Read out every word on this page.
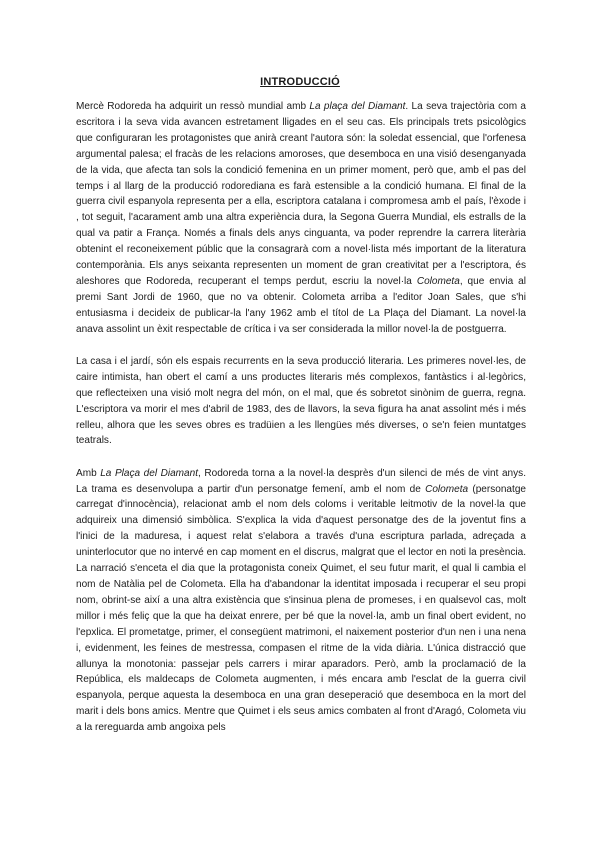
INTRODUCCIÓ

Mercè Rodoreda ha adquirit un ressò mundial amb La plaça del Diamant. La seva trajectòria com a escritora i la seva vida avancen estretament lligades en el seu cas. Els principals trets psicològics que configuraran les protagonistes que anirà creant l'autora són: la soledat essencial, que l'orfenesa argumental palesa; el fracàs de les relacions amoroses, que desemboca en una visió desenganyada de la vida, que afecta tan sols la condició femenina en un primer moment, però que, amb el pas del temps i al llarg de la producció rodorediana es farà estensible a la condició humana. El final de la guerra civil espanyola representa per a ella, escriptora catalana i compromesa amb el país, l'èxode i , tot seguit, l'acarament amb una altra experiència dura, la Segona Guerra Mundial, els estralls de la qual va patir a França. Només a finals dels anys cinguanta, va poder reprendre la carrera literària obtenint el reconeixement públic que la consagrarà com a novel·lista més important de la literatura contemporània. Els anys seixanta representen un moment de gran creativitat per a l'escriptora, és aleshores que Rodoreda, recuperant el temps perdut, escriu la novel·la Colometa, que envia al premi Sant Jordi de 1960, que no va obtenir. Colometa arriba a l'editor Joan Sales, que s'hi entusiasma i decideix de publicar-la l'any 1962 amb el títol de La Plaça del Diamant. La novel·la anava assolint un èxit respectable de crítica i va ser considerada la millor novel·la de postguerra.

La casa i el jardí, són els espais recurrents en la seva producció literaria. Les primeres novel·les, de caire intimista, han obert el camí a uns productes literaris més complexos, fantàstics i al·legòrics, que reflecteixen una visió molt negra del món, on el mal, que és sobretot sinònim de guerra, regna. L'escriptora va morir el mes d'abril de 1983, des de llavors, la seva figura ha anat assolint més i més relleu, alhora que les seves obres es tradüien a les llengües més diverses, o se'n feien muntatges teatrals.

Amb La Plaça del Diamant, Rodoreda torna a la novel·la desprès d'un silenci de més de vint anys. La trama es desenvolupa a partir d'un personatge femení, amb el nom de Colometa (personatge carregat d'innocència), relacionat amb el nom dels coloms i veritable leitmotiv de la novel·la que adquireix una dimensió simbòlica. S'explica la vida d'aquest personatge des de la joventut fins a l'inici de la maduresa, i aquest relat s'elabora a través d'una escriptura parlada, adreçada a uninterlocutor que no intervé en cap moment en el discrus, malgrat que el lector en noti la presència. La narració s'enceta el dia que la protagonista coneix Quimet, el seu futur marit, el qual li cambia el nom de Natàlia pel de Colometa. Ella ha d'abandonar la identitat imposada i recuperar el seu propi nom, obrint-se així a una altra existència que s'insinua plena de promeses, i en qualsevol cas, molt millor i més feliç que la que ha deixat enrere, per bé que la novel·la, amb un final obert evident, no l'epxlica. El prometatge, primer, el consegüent matrimoni, el naixement posterior d'un nen i una nena i, evidenment, les feines de mestressa, compasen el ritme de la vida diària. L'única distracció que allunya la monotonia: passejar pels carrers i mirar aparadors. Però, amb la proclamació de la República, els maldecaps de Colometa augmenten, i més encara amb l'esclat de la guerra civil espanyola, perque aquesta la desemboca en una gran deseperació que desemboca en la mort del marit i dels bons amics. Mentre que Quimet i els seus amics combaten al front d'Aragó, Colometa viu a la rereguarda amb angoixa pels
